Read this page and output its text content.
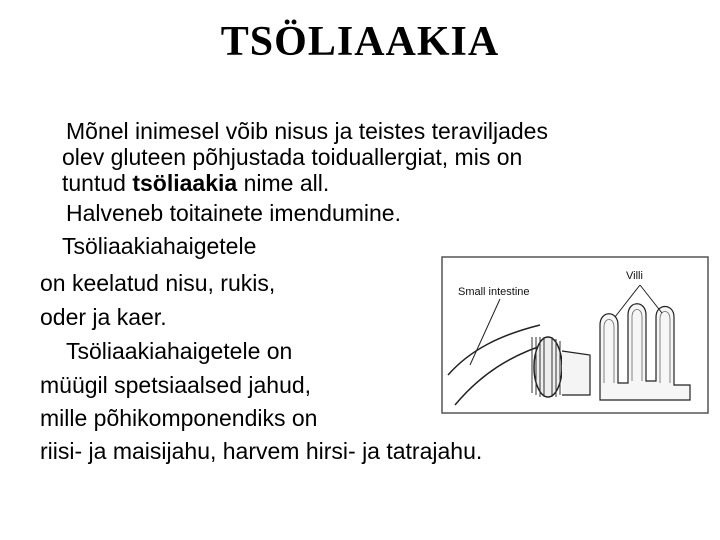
TSÖLIAAKIA
Mõnel inimesel võib nisus ja teistes teraviljades
olev gluteen põhjustada toiduallergiat, mis on
tuntud tsöliaakia nime all.
Halveneb toitainete imendumine.
Tsöliaakiahaigetele
on keelatud nisu, rukis,
oder ja kaer.
Tsöliaakiahaigetele on
müügil spetsiaalsed jahud,
mille põhikomponendiks on
riisi- ja maisijahu, harvem hirsi- ja tatrajahu.
Small intestine
Villi
